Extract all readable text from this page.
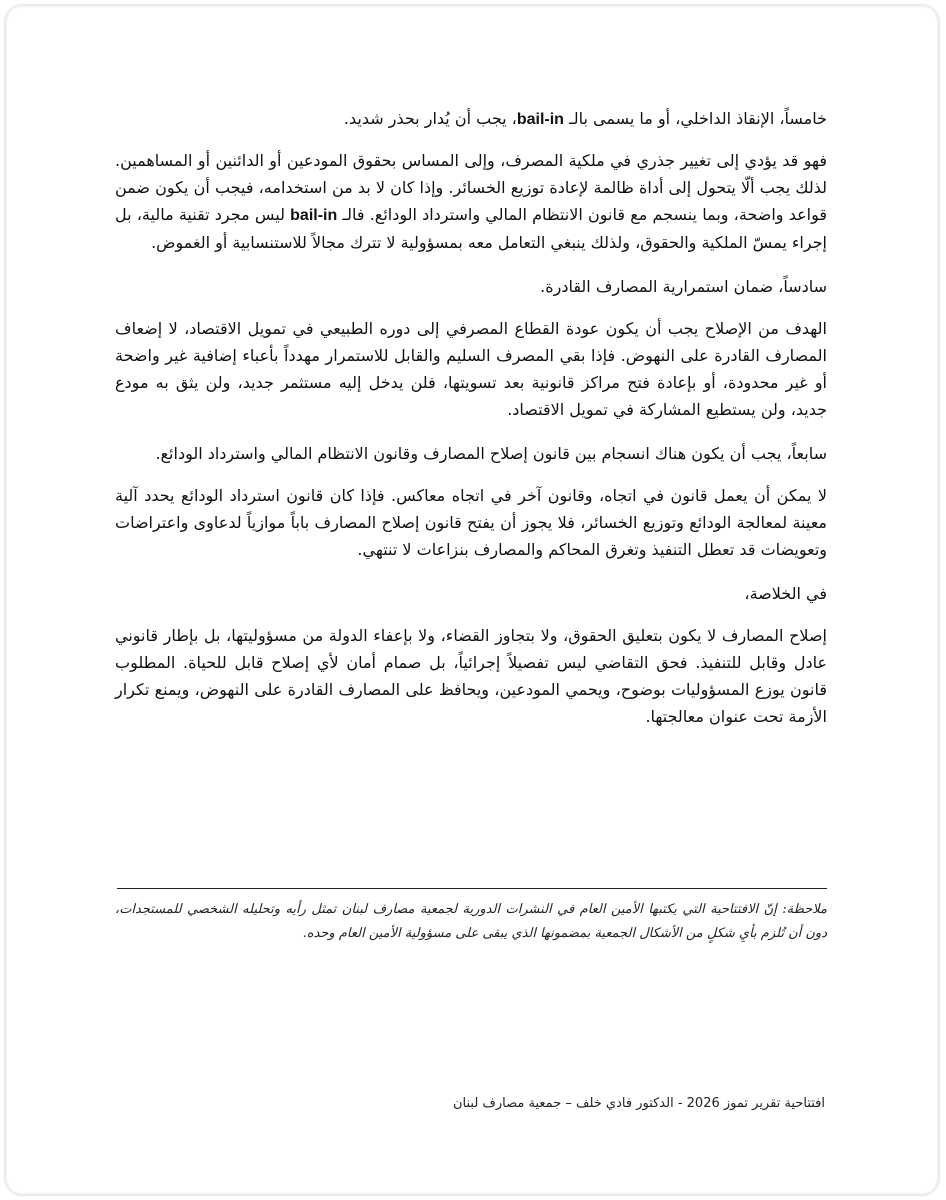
خامساً، الإنقاذ الداخلي، أو ما يسمى بالـ bail-in، يجب أن يُدار بحذر شديد.

فهو قد يؤدي إلى تغيير جذري في ملكية المصرف، وإلى المساس بحقوق المودعين أو الدائنين أو المساهمين. لذلك يجب ألّا يتحول إلى أداة ظالمة لإعادة توزيع الخسائر. وإذا كان لا بد من استخدامه، فيجب أن يكون ضمن قواعد واضحة، وبما ينسجم مع قانون الانتظام المالي واسترداد الودائع. فالـ bail-in ليس مجرد تقنية مالية، بل إجراء يمسّ الملكية والحقوق، ولذلك ينبغي التعامل معه بمسؤولية لا تترك مجالاً للاستنسابية أو الغموض.

سادساً، ضمان استمرارية المصارف القادرة.

الهدف من الإصلاح يجب أن يكون عودة القطاع المصرفي إلى دوره الطبيعي في تمويل الاقتصاد، لا إضعاف المصارف القادرة على النهوض. فإذا بقي المصرف السليم والقابل للاستمرار مهدداً بأعباء إضافية غير واضحة أو غير محدودة، أو بإعادة فتح مراكز قانونية بعد تسويتها، فلن يدخل إليه مستثمر جديد، ولن يثق به مودع جديد، ولن يستطيع المشاركة في تمويل الاقتصاد.

سابعاً، يجب أن يكون هناك انسجام بين قانون إصلاح المصارف وقانون الانتظام المالي واسترداد الودائع.

لا يمكن أن يعمل قانون في اتجاه، وقانون آخر في اتجاه معاكس. فإذا كان قانون استرداد الودائع يحدد آلية معينة لمعالجة الودائع وتوزيع الخسائر، فلا يجوز أن يفتح قانون إصلاح المصارف باباً موازياً لدعاوى واعتراضات وتعويضات قد تعطل التنفيذ وتغرق المحاكم والمصارف بنزاعات لا تنتهي.

في الخلاصة،

إصلاح المصارف لا يكون بتعليق الحقوق، ولا بتجاوز القضاء، ولا بإعفاء الدولة من مسؤوليتها، بل بإطار قانوني عادل وقابل للتنفيذ. فحق التقاضي ليس تفصيلاً إجرائياً، بل صمام أمان لأي إصلاح قابل للحياة. المطلوب قانون يوزع المسؤوليات بوضوح، ويحمي المودعين، ويحافظ على المصارف القادرة على النهوض، ويمنع تكرار الأزمة تحت عنوان معالجتها.

ملاحظة: إنّ الافتتاحية التي يكتبها الأمين العام في النشرات الدورية لجمعية مصارف لبنان تمثل رأيه وتحليله الشخصي للمستجدات، دون أن تُلزم بأيِ شكلٍ من الأشكال الجمعية بمضمونها الذي يبقى على مسؤولية الأمين العام وحده.

افتتاحية تقرير تموز 2026 - الدكتور فادي خلف – جمعية مصارف لبنان
